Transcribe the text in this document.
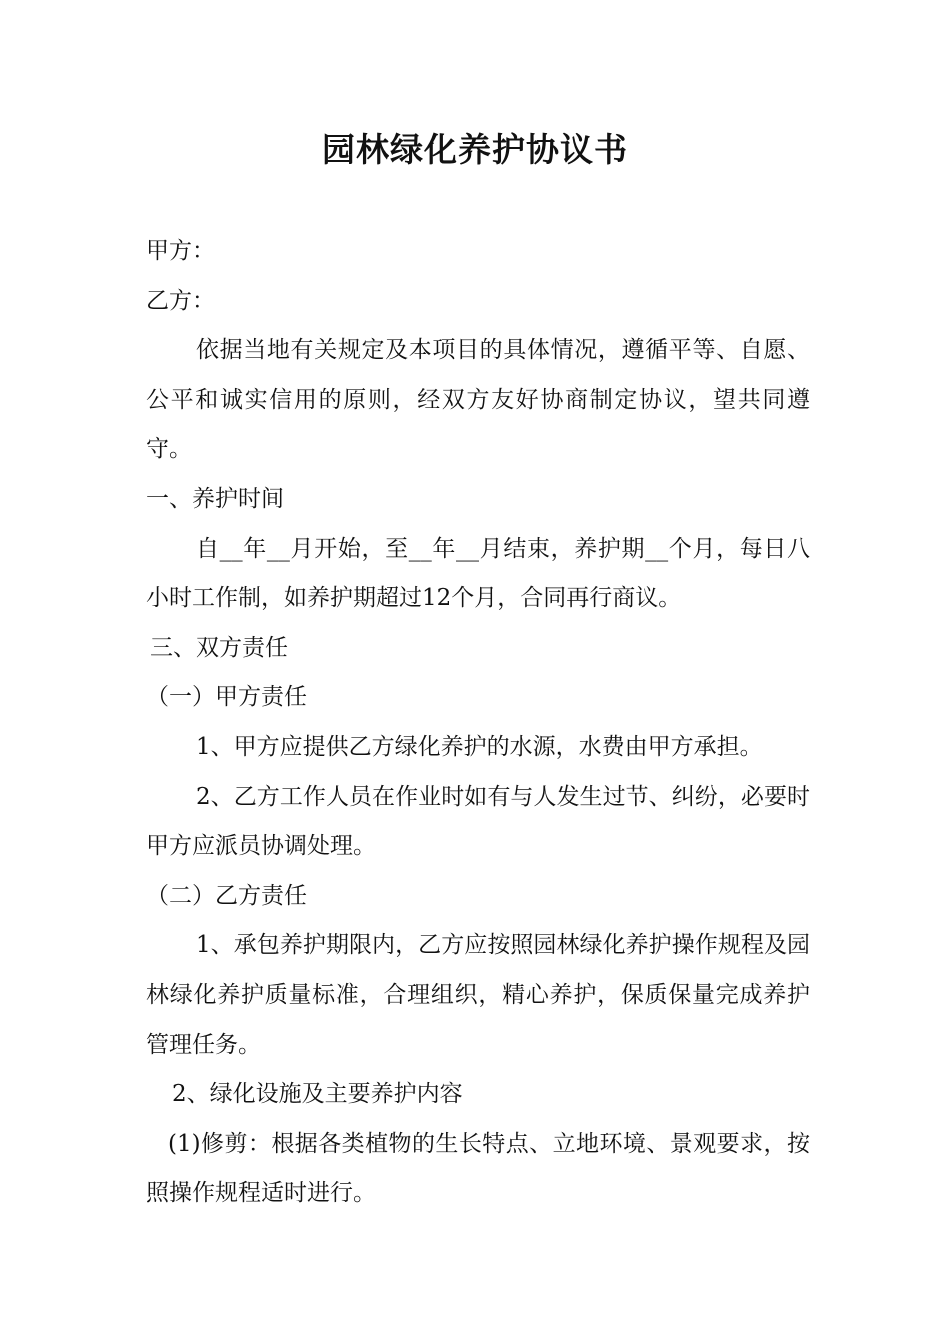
园林绿化养护协议书

甲方：

乙方：

依据当地有关规定及本项目的具体情况，遵循平等、自愿、公平和诚实信用的原则，经双方友好协商制定协议，望共同遵守。

一、养护时间

自__年__月开始，至__年__月结束，养护期__个月，每日八小时工作制，如养护期超过12个月，合同再行商议。

三、双方责任

（一）甲方责任

1、甲方应提供乙方绿化养护的水源，水费由甲方承担。

2、乙方工作人员在作业时如有与人发生过节、纠纷，必要时甲方应派员协调处理。

（二）乙方责任

1、承包养护期限内，乙方应按照园林绿化养护操作规程及园林绿化养护质量标准，合理组织，精心养护，保质保量完成养护管理任务。

2、绿化设施及主要养护内容

(1)修剪：根据各类植物的生长特点、立地环境、景观要求，按照操作规程适时进行。
